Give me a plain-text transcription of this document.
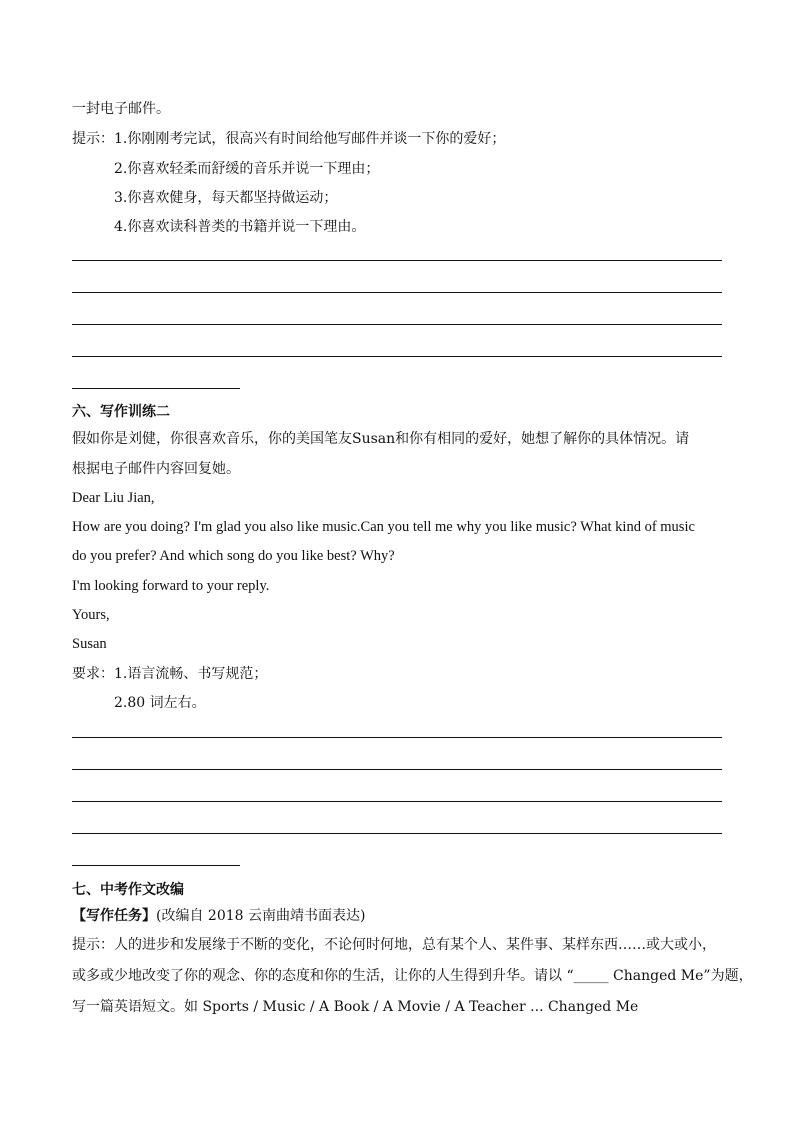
一封电子邮件。
提示：1.你刚刚考完试，很高兴有时间给他写邮件并谈一下你的爱好；
2.你喜欢轻柔而舒缓的音乐并说一下理由；
3.你喜欢健身，每天都坚持做运动；
4.你喜欢读科普类的书籍并说一下理由。
六、写作训练二
假如你是刘健，你很喜欢音乐，你的美国笔友Susan和你有相同的爱好，她想了解你的具体情况。请
根据电子邮件内容回复她。
Dear Liu Jian,
How are you doing? I'm glad you also like music.Can you tell me why you like music? What kind of music
do you prefer? And which song do you like best? Why?
I'm looking forward to your reply.
Yours,
Susan
要求：1.语言流畅、书写规范；
2.80 词左右。
七、中考作文改编
【写作任务】(改编自 2018 云南曲靖书面表达)
提示：人的进步和发展缘于不断的变化，不论何时何地，总有某个人、某件事、某样东西……或大或小，
或多或少地改变了你的观念、你的态度和你的生活，让你的人生得到升华。请以 “_____ Changed Me”为题，
写一篇英语短文。如 Sports / Music / A Book / A Movie / A Teacher ... Changed Me
